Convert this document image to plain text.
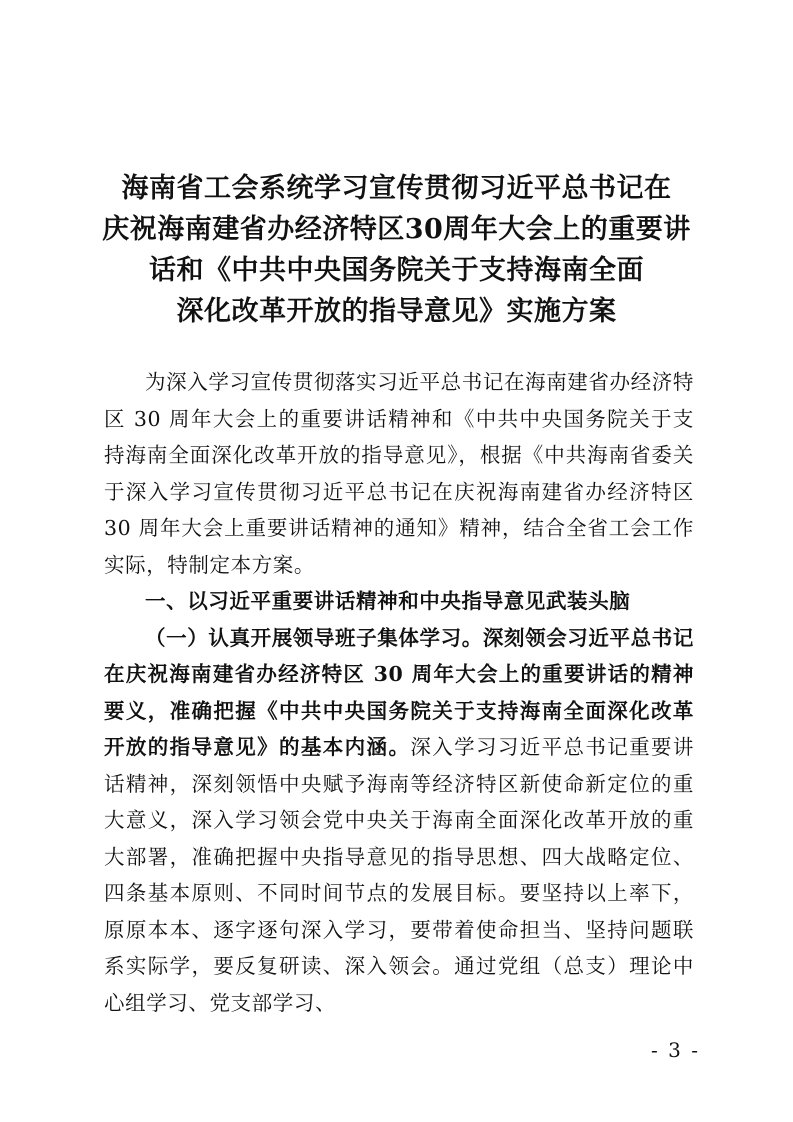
海南省工会系统学习宣传贯彻习近平总书记在
庆祝海南建省办经济特区30周年大会上的重要讲
话和《中共中央国务院关于支持海南全面
深化改革开放的指导意见》实施方案

为深入学习宣传贯彻落实习近平总书记在海南建省办经济特区 30 周年大会上的重要讲话精神和《中共中央国务院关于支持海南全面深化改革开放的指导意见》，根据《中共海南省委关于深入学习宣传贯彻习近平总书记在庆祝海南建省办经济特区 30 周年大会上重要讲话精神的通知》精神，结合全省工会工作实际，特制定本方案。

一、以习近平重要讲话精神和中央指导意见武装头脑

（一）认真开展领导班子集体学习。深刻领会习近平总书记在庆祝海南建省办经济特区 30 周年大会上的重要讲话的精神要义，准确把握《中共中央国务院关于支持海南全面深化改革开放的指导意见》的基本内涵。深入学习习近平总书记重要讲话精神，深刻领悟中央赋予海南等经济特区新使命新定位的重大意义，深入学习领会党中央关于海南全面深化改革开放的重大部署，准确把握中央指导意见的指导思想、四大战略定位、四条基本原则、不同时间节点的发展目标。要坚持以上率下，原原本本、逐字逐句深入学习，要带着使命担当、坚持问题联系实际学，要反复研读、深入领会。通过党组（总支）理论中心组学习、党支部学习、

- 3 -
